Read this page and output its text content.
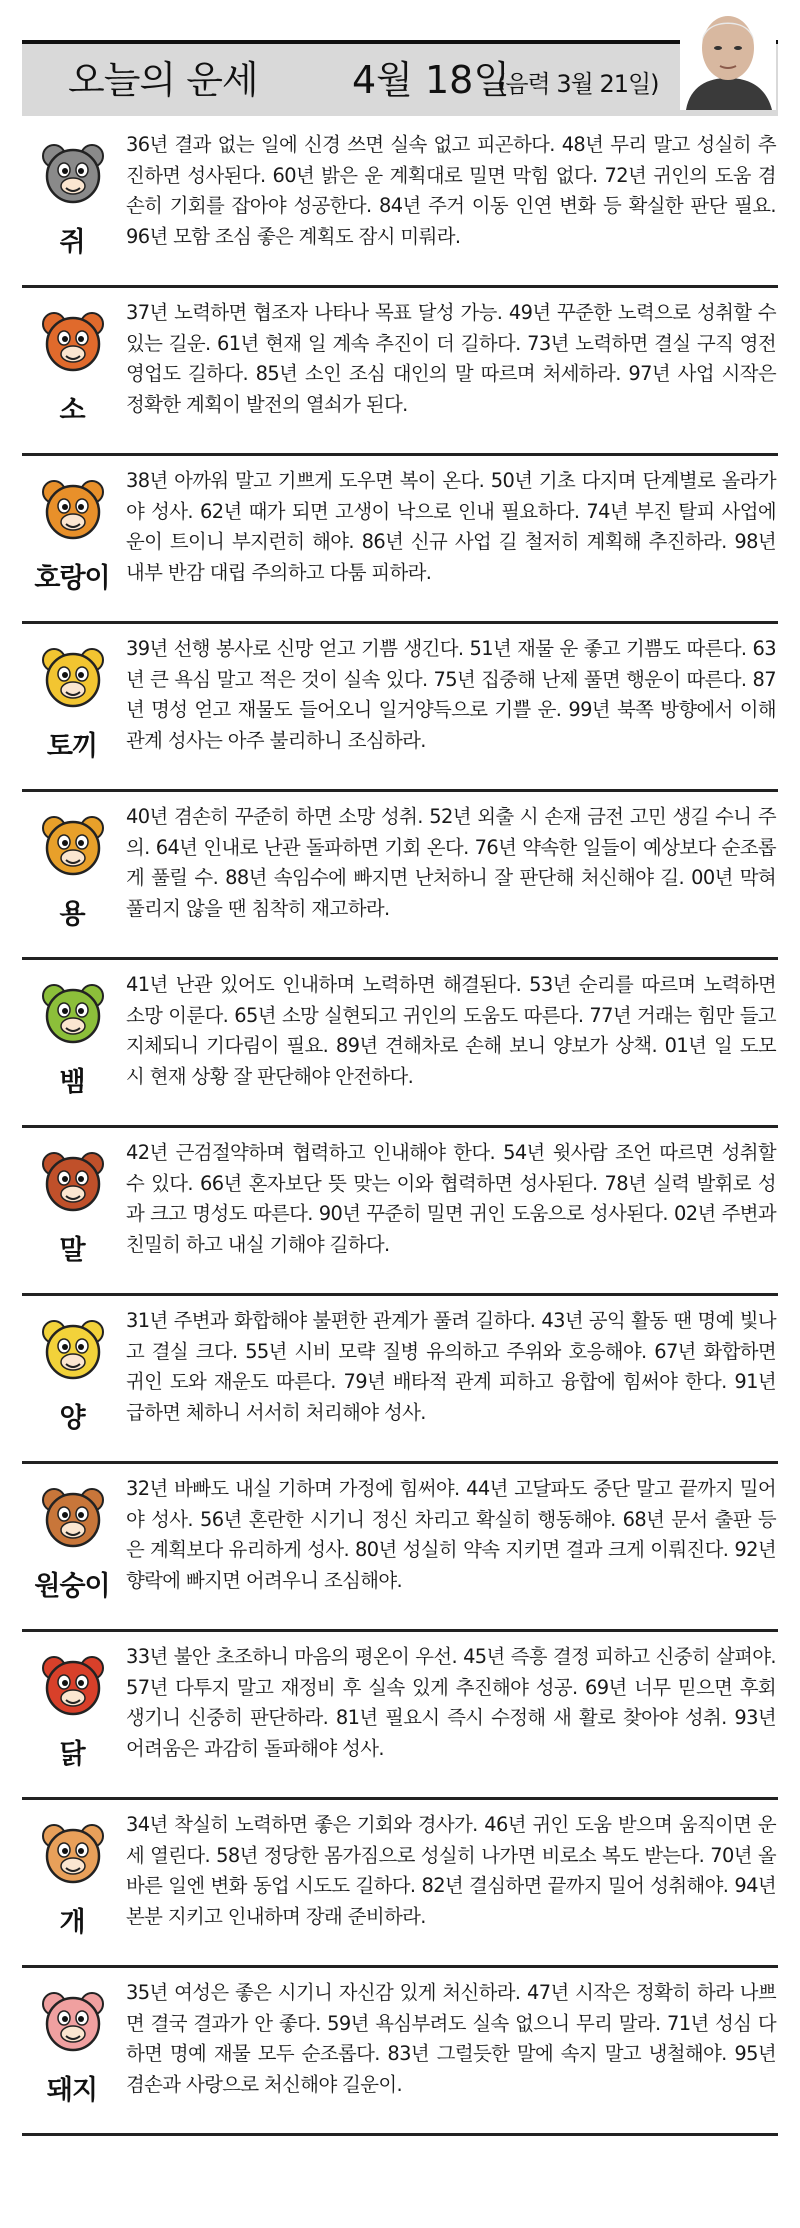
오늘의 운세 4월 18일
(음력 3월 21일)
쥐
36년 결과 없는 일에 신경 쓰면 실속 없고 피곤하다. 48년 무리 말고 성실히 추진하면 성사된다. 60년 밝은 운 계획대로 밀면 막힘 없다. 72년 귀인의 도움 겸손히 기회를 잡아야 성공한다. 84년 주거 이동 인연 변화 등 확실한 판단 필요. 96년 모함 조심 좋은 계획도 잠시 미뤄라.
소
37년 노력하면 협조자 나타나 목표 달성 가능. 49년 꾸준한 노력으로 성취할 수 있는 길운. 61년 현재 일 계속 추진이 더 길하다. 73년 노력하면 결실 구직 영전 영업도 길하다. 85년 소인 조심 대인의 말 따르며 처세하라. 97년 사업 시작은 정확한 계획이 발전의 열쇠가 된다.
호랑이
38년 아까워 말고 기쁘게 도우면 복이 온다. 50년 기초 다지며 단계별로 올라가야 성사. 62년 때가 되면 고생이 낙으로 인내 필요하다. 74년 부진 탈피 사업에 운이 트이니 부지런히 해야. 86년 신규 사업 길 철저히 계획해 추진하라. 98년 내부 반감 대립 주의하고 다툼 피하라.
토끼
39년 선행 봉사로 신망 얻고 기쁨 생긴다. 51년 재물 운 좋고 기쁨도 따른다. 63년 큰 욕심 말고 적은 것이 실속 있다. 75년 집중해 난제 풀면 행운이 따른다. 87년 명성 얻고 재물도 들어오니 일거양득으로 기쁠 운. 99년 북쪽 방향에서 이해관계 성사는 아주 불리하니 조심하라.
용
40년 겸손히 꾸준히 하면 소망 성취. 52년 외출 시 손재 금전 고민 생길 수니 주의. 64년 인내로 난관 돌파하면 기회 온다. 76년 약속한 일들이 예상보다 순조롭게 풀릴 수. 88년 속임수에 빠지면 난처하니 잘 판단해 처신해야 길. 00년 막혀 풀리지 않을 땐 침착히 재고하라.
뱀
41년 난관 있어도 인내하며 노력하면 해결된다. 53년 순리를 따르며 노력하면 소망 이룬다. 65년 소망 실현되고 귀인의 도움도 따른다. 77년 거래는 힘만 들고 지체되니 기다림이 필요. 89년 견해차로 손해 보니 양보가 상책. 01년 일 도모 시 현재 상황 잘 판단해야 안전하다.
말
42년 근검절약하며 협력하고 인내해야 한다. 54년 윗사람 조언 따르면 성취할 수 있다. 66년 혼자보단 뜻 맞는 이와 협력하면 성사된다. 78년 실력 발휘로 성과 크고 명성도 따른다. 90년 꾸준히 밀면 귀인 도움으로 성사된다. 02년 주변과 친밀히 하고 내실 기해야 길하다.
양
31년 주변과 화합해야 불편한 관계가 풀려 길하다. 43년 공익 활동 땐 명예 빛나고 결실 크다. 55년 시비 모략 질병 유의하고 주위와 호응해야. 67년 화합하면 귀인 도와 재운도 따른다. 79년 배타적 관계 피하고 융합에 힘써야 한다. 91년 급하면 체하니 서서히 처리해야 성사.
원숭이
32년 바빠도 내실 기하며 가정에 힘써야. 44년 고달파도 중단 말고 끝까지 밀어야 성사. 56년 혼란한 시기니 정신 차리고 확실히 행동해야. 68년 문서 출판 등은 계획보다 유리하게 성사. 80년 성실히 약속 지키면 결과 크게 이뤄진다. 92년 향락에 빠지면 어려우니 조심해야.
닭
33년 불안 초조하니 마음의 평온이 우선. 45년 즉흥 결정 피하고 신중히 살펴야. 57년 다투지 말고 재정비 후 실속 있게 추진해야 성공. 69년 너무 믿으면 후회 생기니 신중히 판단하라. 81년 필요시 즉시 수정해 새 활로 찾아야 성취. 93년 어려움은 과감히 돌파해야 성사.
개
34년 착실히 노력하면 좋은 기회와 경사가. 46년 귀인 도움 받으며 움직이면 운세 열린다. 58년 정당한 몸가짐으로 성실히 나가면 비로소 복도 받는다. 70년 올바른 일엔 변화 동업 시도도 길하다. 82년 결심하면 끝까지 밀어 성취해야. 94년 본분 지키고 인내하며 장래 준비하라.
돼지
35년 여성은 좋은 시기니 자신감 있게 처신하라. 47년 시작은 정확히 하라 나쁘면 결국 결과가 안 좋다. 59년 욕심부려도 실속 없으니 무리 말라. 71년 성심 다하면 명예 재물 모두 순조롭다. 83년 그럴듯한 말에 속지 말고 냉철해야. 95년 겸손과 사랑으로 처신해야 길운이.
